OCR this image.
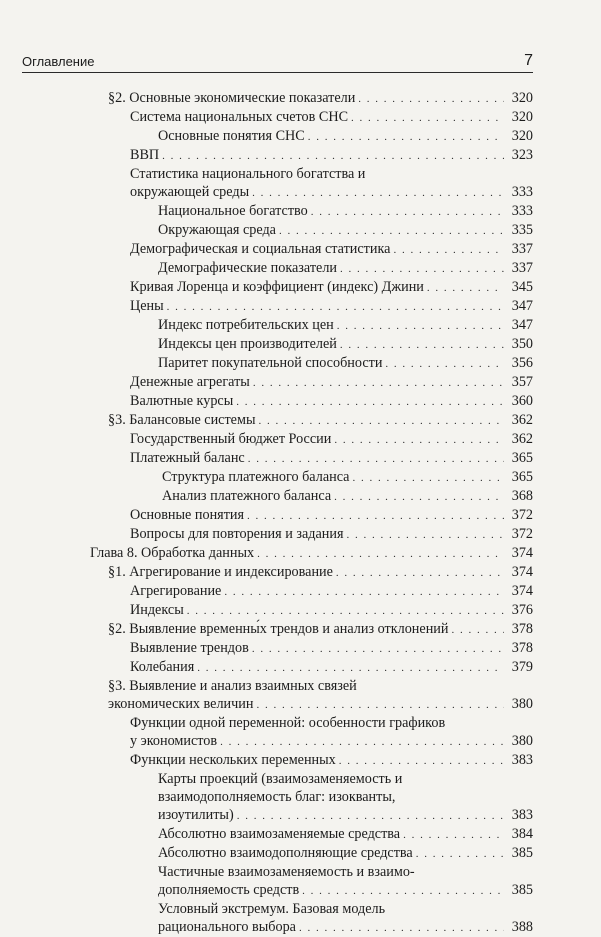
Оглавление	7
§2. Основные экономические показатели . . .	320
Система национальных счетов СНС . . .	320
Основные понятия СНС . . .	320
ВВП . . .	323
Статистика национального богатства и
окружающей среды . . .	333
Национальное богатство . . .	333
Окружающая среда . . .	335
Демографическая и социальная статистика . . .	337
Демографические показатели . . .	337
Кривая Лоренца и коэффициент (индекс) Джини . . .	345
Цены . . .	347
Индекс потребительских цен . . .	347
Индексы цен производителей . . .	350
Паритет покупательной способности . . .	356
Денежные агрегаты . . .	357
Валютные курсы . . .	360
§3. Балансовые системы . . .	362
Государственный бюджет России . . .	362
Платежный баланс . . .	365
Структура платежного баланса . . .	365
Анализ платежного баланса . . .	368
Основные понятия . . .	372
Вопросы для повторения и задания . . .	372
Глава 8. Обработка данных . . .	374
§1. Агрегирование и индексирование . . .	374
Агрегирование . . .	374
Индексы . . .	376
§2. Выявление временны́х трендов и анализ отклонений . . .	378
Выявление трендов . . .	378
Колебания . . .	379
§3. Выявление и анализ взаимных связей
экономических величин . . .	380
Функции одной переменной: особенности графиков
у экономистов . . .	380
Функции нескольких переменных . . .	383
Карты проекций (взаимозаменяемость и
взаимодополняемость благ: изокванты,
изоутилиты) . . .	383
Абсолютно взаимозаменяемые средства . . .	384
Абсолютно взаимодополняющие средства . . .	385
Частичные взаимозаменяемость и взаимо-
дополняемость средств . . .	385
Условный экстремум. Базовая модель
рационального выбора . . .	388
